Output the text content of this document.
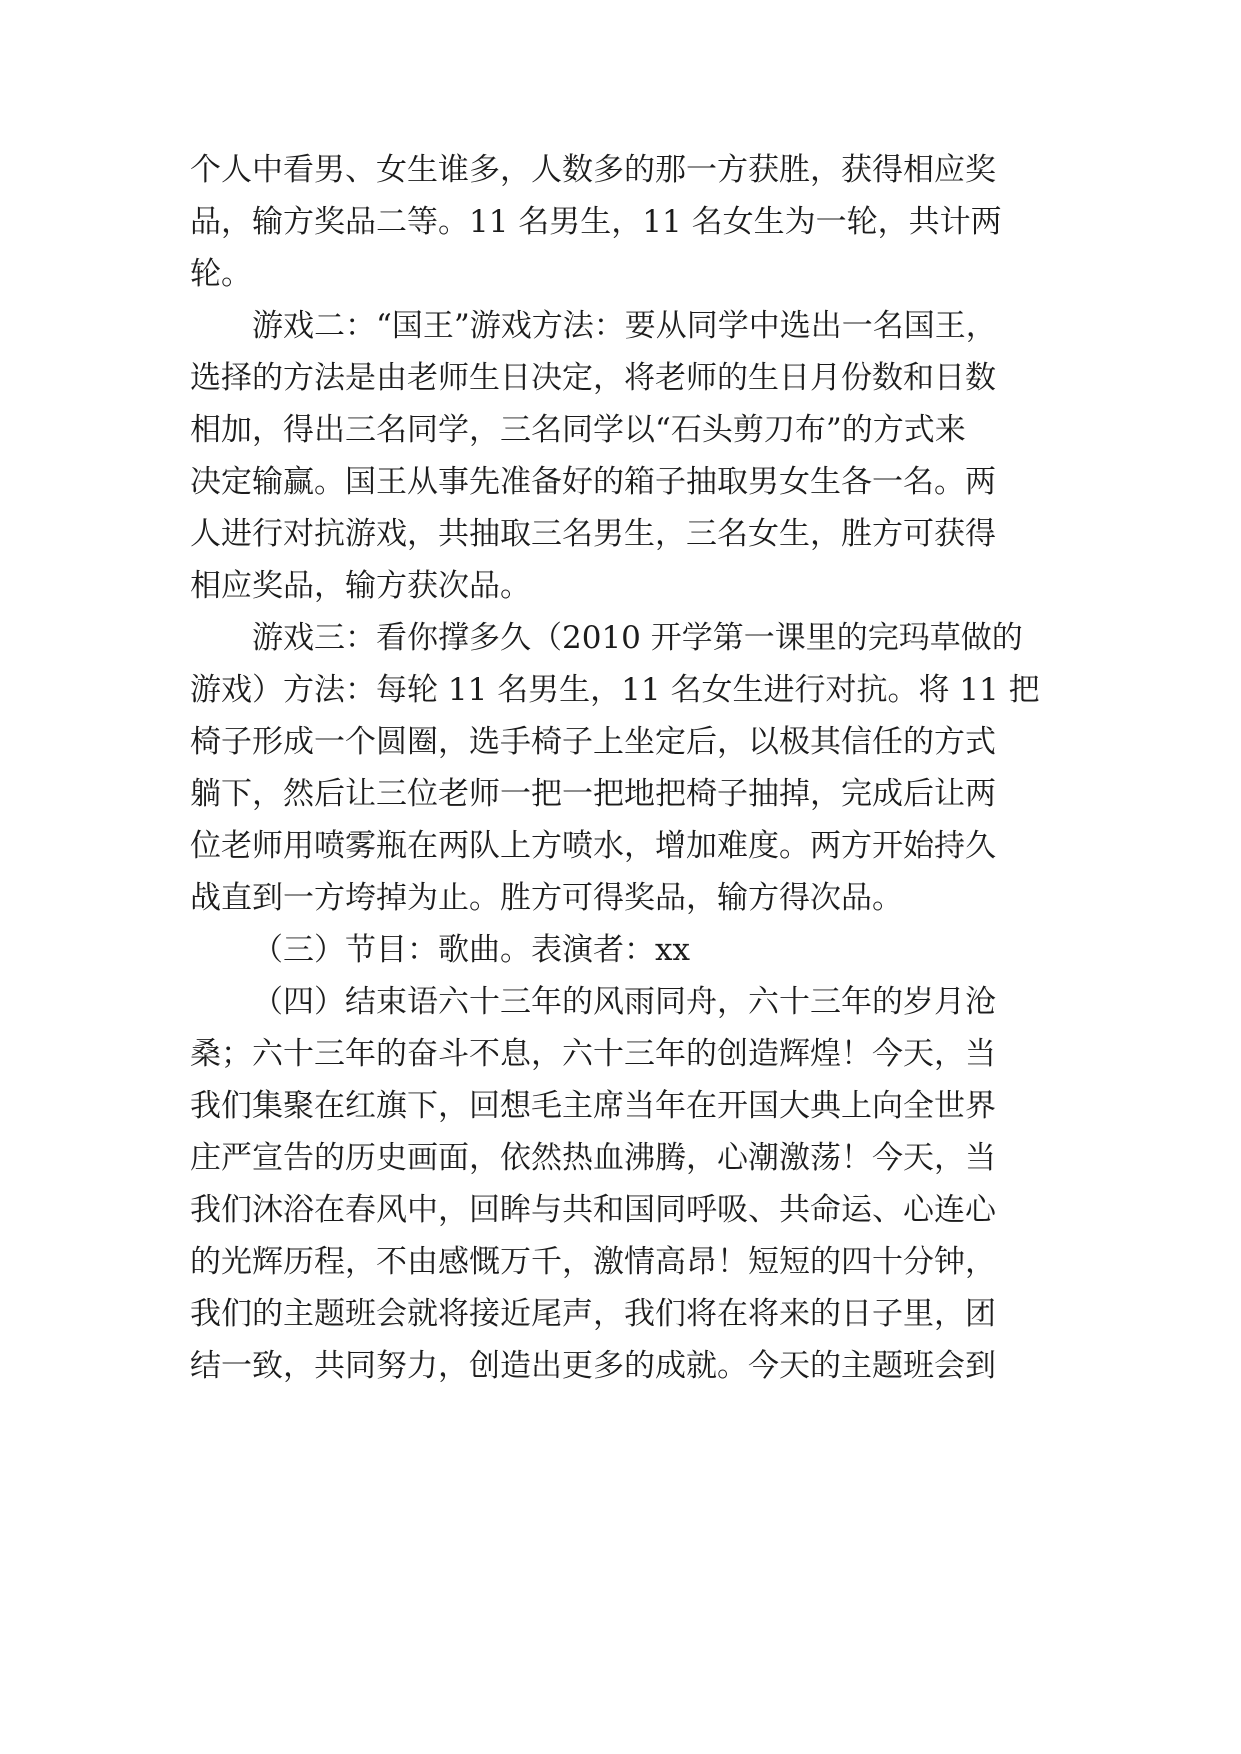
个人中看男、女生谁多，人数多的那一方获胜，获得相应奖
品，输方奖品二等。11 名男生，11 名女生为一轮，共计两
轮。
游戏二：“国王”游戏方法：要从同学中选出一名国王，
选择的方法是由老师生日决定，将老师的生日月份数和日数
相加，得出三名同学，三名同学以“石头剪刀布”的方式来
决定输赢。国王从事先准备好的箱子抽取男女生各一名。两
人进行对抗游戏，共抽取三名男生，三名女生，胜方可获得
相应奖品，输方获次品。
游戏三：看你撑多久（2010 开学第一课里的完玛草做的
游戏）方法：每轮 11 名男生，11 名女生进行对抗。将 11 把
椅子形成一个圆圈，选手椅子上坐定后，以极其信任的方式
躺下，然后让三位老师一把一把地把椅子抽掉，完成后让两
位老师用喷雾瓶在两队上方喷水，增加难度。两方开始持久
战直到一方垮掉为止。胜方可得奖品，输方得次品。
（三）节目：歌曲。表演者：xx
（四）结束语六十三年的风雨同舟，六十三年的岁月沧
桑；六十三年的奋斗不息，六十三年的创造辉煌！今天，当
我们集聚在红旗下，回想毛主席当年在开国大典上向全世界
庄严宣告的历史画面，依然热血沸腾，心潮激荡！今天，当
我们沐浴在春风中，回眸与共和国同呼吸、共命运、心连心
的光辉历程，不由感慨万千，激情高昂！短短的四十分钟，
我们的主题班会就将接近尾声，我们将在将来的日子里，团
结一致，共同努力，创造出更多的成就。今天的主题班会到
